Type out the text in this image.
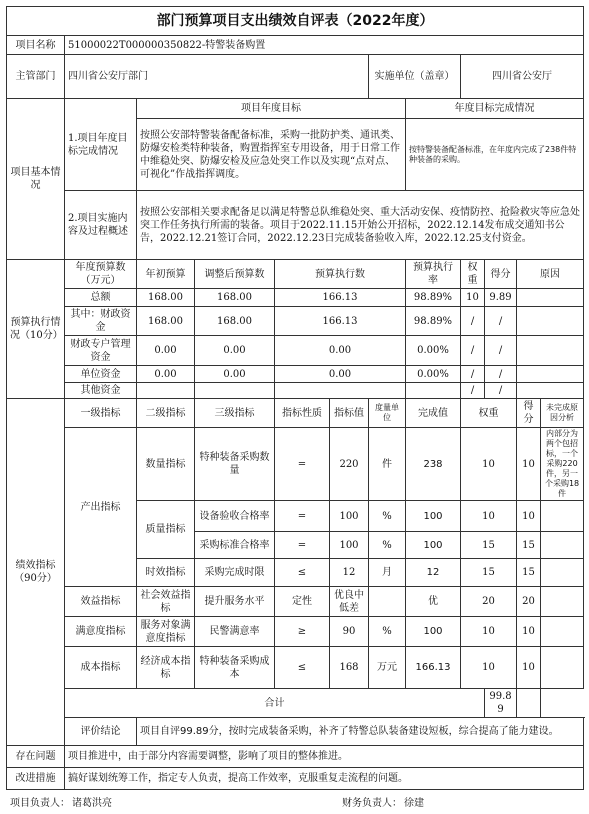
部门预算项目支出绩效自评表（2022年度）											
项目名称	51000022T000000350822-特警装备购置										
主管部门	四川省公安厅部门					实施单位（盖章）		四川省公安厅			
项目基本情况	1.项目年度目标完成情况	项目年度目标					年度目标完成情况				
		按照公安部特警装备配备标准，采购一批防护类、通讯类、防爆安检类特种装备，购置指挥室专用设备，用于日常工作中维稳处突、防爆安检及应急处突工作以及实现“点对点、可视化”作战指挥调度。					按特警装备配备标准，在年度内完成了238件特种装备的采购。				
	2.项目实施内容及过程概述	按照公安部相关要求配备足以满足特警总队维稳处突、重大活动安保、疫情防控、抢险救灾等应急处突工作任务执行所需的装备。项目于2022.11.15开始公开招标，2022.12.14发布成交通知书公告，2022.12.21签订合同，2022.12.23日完成装备验收入库，2022.12.25支付资金。									
预算执行情况（10分）	年度预算数（万元）	年初预算	调整后预算数	预算执行数			预算执行率	权重	得分	原因	
	总额	168.00	168.00	166.13			98.89%	10	9.89		
	其中：财政资金	168.00	168.00	166.13			98.89%	/	/		
	财政专户管理资金	0.00	0.00	0.00			0.00%	/	/		
	单位资金	0.00	0.00	0.00			0.00%	/	/		
	其他资金							/	/		
绩效指标（90分）	一级指标	二级指标	三级指标	指标性质	指标值	度量单位	完成值	权重		得分	未完成原因分析
	产出指标	数量指标	特种装备采购数量	=	220	件	238	10		10	内部分为两个包招标，一个采购220件，另一个采购18件
		质量指标	设备验收合格率	=	100	%	100	10		10	
			采购标准合格率	=	100	%	100	15		15	
		时效指标	采购完成时限	≤	12	月	12	15		15	
	效益指标	社会效益指标	提升服务水平	定性	优良中低差		优	20		20	
	满意度指标	服务对象满意度指标	民警满意率	≥	90	%	100	10		10	
	成本指标	经济成本指标	特种装备采购成本	≤	168	万元	166.13	10		10	
	合计								99.89		
	评价结论	项目自评99.89分，按时完成装备采购，补齐了特警总队装备建设短板，综合提高了能力建设。									
存在问题	项目推进中，由于部分内容需要调整，影响了项目的整体推进。										
改进措施	搞好谋划统筹工作，指定专人负责，提高工作效率，克服重复走流程的问题。										
项目负责人： 诸葛洪亮	财务负责人： 徐建
